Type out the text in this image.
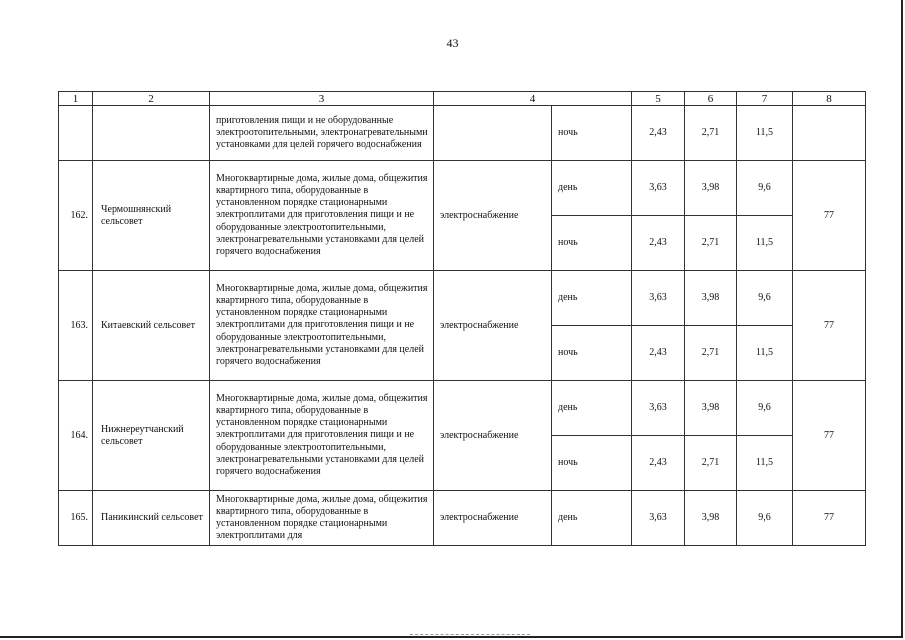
43
1	2	3	4		5	6	7	8
		приготовления пищи и не оборудованные электроотопительными, электронагревательными установками для целей горячего водоснабжения		ночь	2,43	2,71	11,5	
162.	Чермошнянский сельсовет	Многоквартирные дома, жилые дома, общежития квартирного типа, оборудованные в установленном порядке стационарными электроплитами для приготовления пищи и не оборудованные электроотопительными, электронагревательными установками для целей горячего водоснабжения	электроснабжение	день	3,63	3,98	9,6	77
				ночь	2,43	2,71	11,5	
163.	Китаевский сельсовет	Многоквартирные дома, жилые дома, общежития квартирного типа, оборудованные в установленном порядке стационарными электроплитами для приготовления пищи и не оборудованные электроотопительными, электронагревательными установками для целей горячего водоснабжения	электроснабжение	день	3,63	3,98	9,6	77
				ночь	2,43	2,71	11,5	
164.	Нижнереутчанский сельсовет	Многоквартирные дома, жилые дома, общежития квартирного типа, оборудованные в установленном порядке стационарными электроплитами для приготовления пищи и не оборудованные электроотопительными, электронагревательными установками для целей горячего водоснабжения	электроснабжение	день	3,63	3,98	9,6	77
				ночь	2,43	2,71	11,5	
165.	Паникинский сельсовет	Многоквартирные дома, жилые дома, общежития квартирного типа, оборудованные в установленном порядке стационарными электроплитами для	электроснабжение	день	3,63	3,98	9,6	77
